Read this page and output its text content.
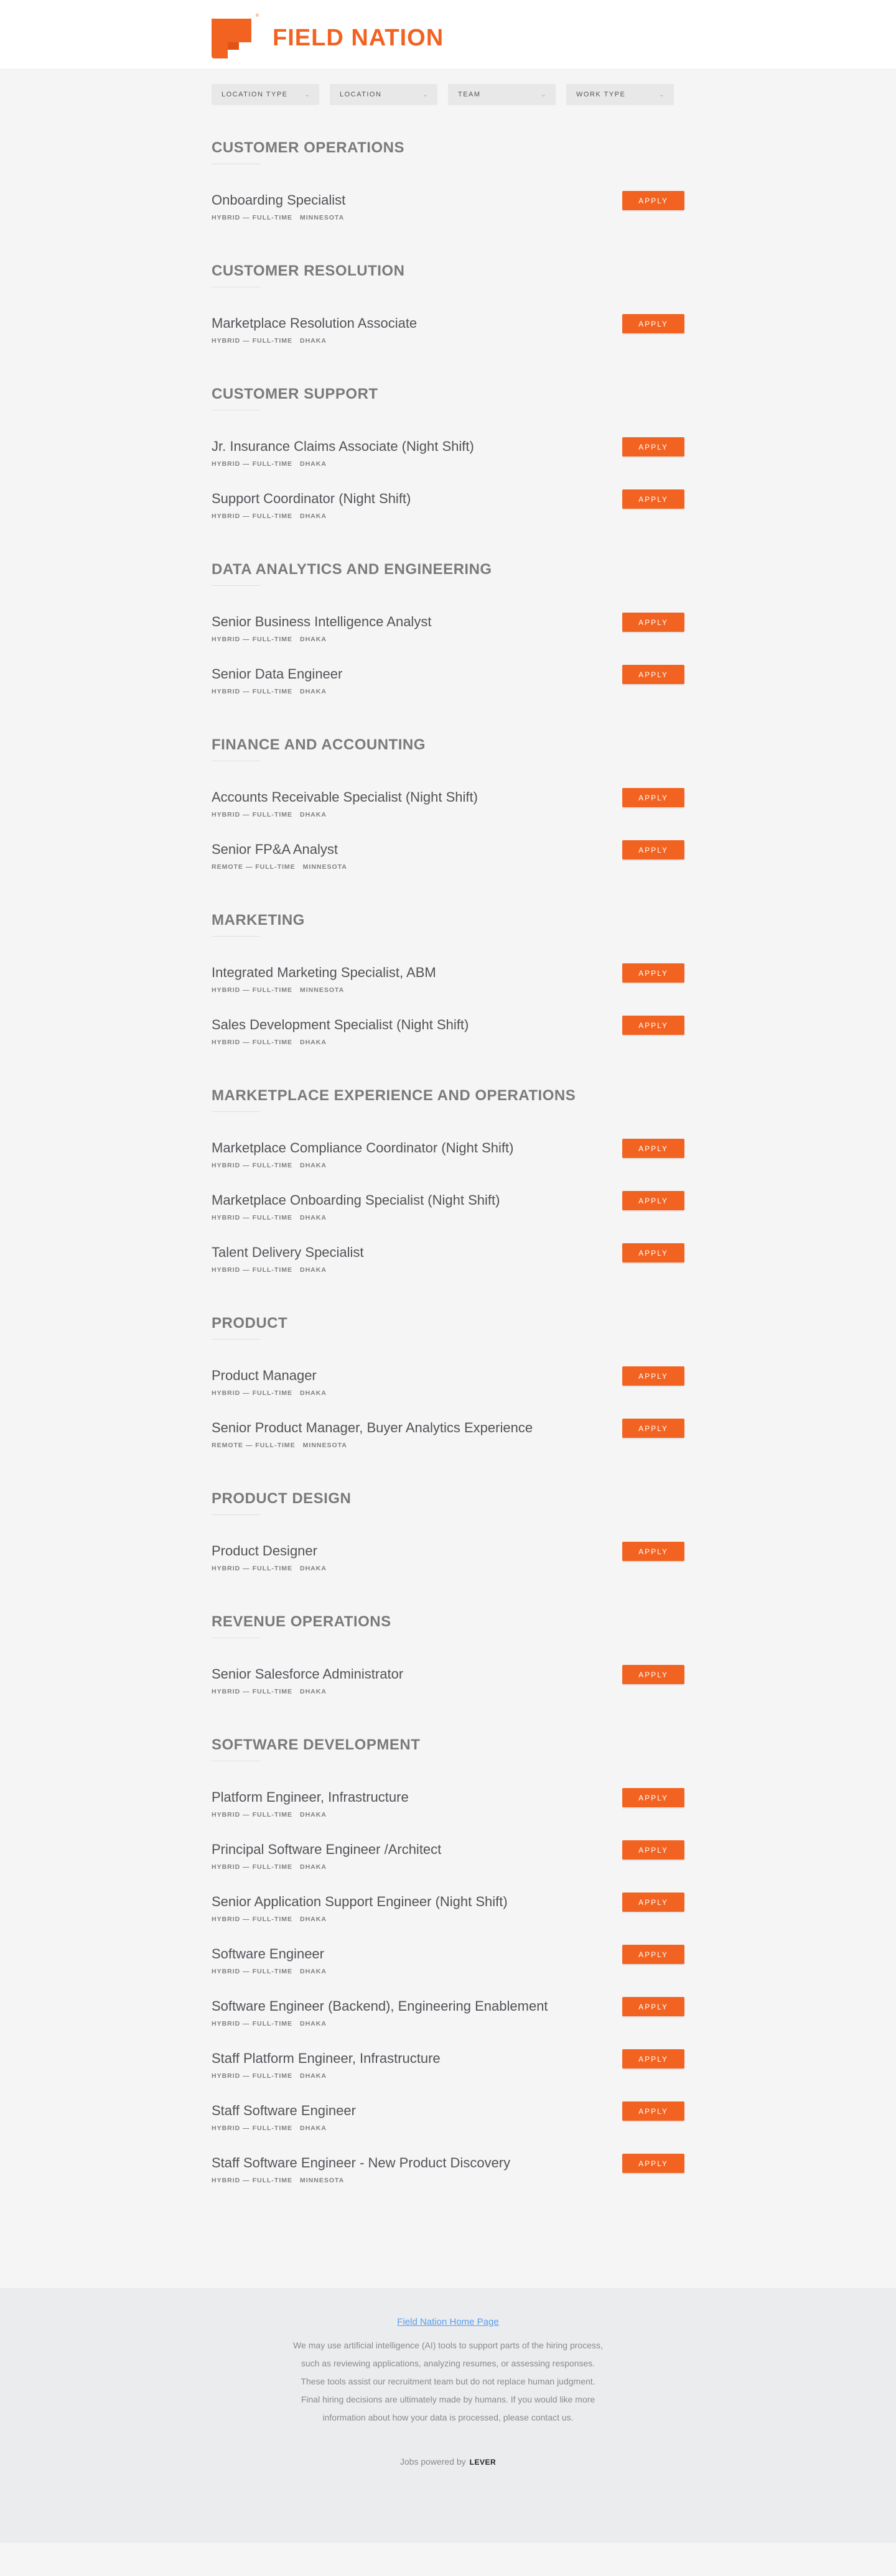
®
FIELD NATION
LOCATION TYPE	⌄	LOCATION	⌄	TEAM	⌄	WORK TYPE	⌄
CUSTOMER OPERATIONS
Onboarding Specialist
HYBRID — FULL-TIME MINNESOTA
APPLY
CUSTOMER RESOLUTION
Marketplace Resolution Associate
HYBRID — FULL-TIME DHAKA
APPLY
CUSTOMER SUPPORT
Jr. Insurance Claims Associate (Night Shift)
HYBRID — FULL-TIME DHAKA
APPLY
Support Coordinator (Night Shift)
HYBRID — FULL-TIME DHAKA
APPLY
DATA ANALYTICS AND ENGINEERING
Senior Business Intelligence Analyst
HYBRID — FULL-TIME DHAKA
APPLY
Senior Data Engineer
HYBRID — FULL-TIME DHAKA
APPLY
FINANCE AND ACCOUNTING
Accounts Receivable Specialist (Night Shift)
HYBRID — FULL-TIME DHAKA
APPLY
Senior FP&A Analyst
REMOTE — FULL-TIME MINNESOTA
APPLY
MARKETING
Integrated Marketing Specialist, ABM
HYBRID — FULL-TIME MINNESOTA
APPLY
Sales Development Specialist (Night Shift)
HYBRID — FULL-TIME DHAKA
APPLY
MARKETPLACE EXPERIENCE AND OPERATIONS
Marketplace Compliance Coordinator (Night Shift)
HYBRID — FULL-TIME DHAKA
APPLY
Marketplace Onboarding Specialist (Night Shift)
HYBRID — FULL-TIME DHAKA
APPLY
Talent Delivery Specialist
HYBRID — FULL-TIME DHAKA
APPLY
PRODUCT
Product Manager
HYBRID — FULL-TIME DHAKA
APPLY
Senior Product Manager, Buyer Analytics Experience
REMOTE — FULL-TIME MINNESOTA
APPLY
PRODUCT DESIGN
Product Designer
HYBRID — FULL-TIME DHAKA
APPLY
REVENUE OPERATIONS
Senior Salesforce Administrator
HYBRID — FULL-TIME DHAKA
APPLY
SOFTWARE DEVELOPMENT
Platform Engineer, Infrastructure
HYBRID — FULL-TIME DHAKA
APPLY
Principal Software Engineer /Architect
HYBRID — FULL-TIME DHAKA
APPLY
Senior Application Support Engineer (Night Shift)
HYBRID — FULL-TIME DHAKA
APPLY
Software Engineer
HYBRID — FULL-TIME DHAKA
APPLY
Software Engineer (Backend), Engineering Enablement
HYBRID — FULL-TIME DHAKA
APPLY
Staff Platform Engineer, Infrastructure
HYBRID — FULL-TIME DHAKA
APPLY
Staff Software Engineer
HYBRID — FULL-TIME DHAKA
APPLY
Staff Software Engineer - New Product Discovery
HYBRID — FULL-TIME MINNESOTA
APPLY
Field Nation Home Page

We may use artificial intelligence (AI) tools to support parts of the hiring process, such as reviewing applications, analyzing resumes, or assessing responses. These tools assist our recruitment team but do not replace human judgment. Final hiring decisions are ultimately made by humans. If you would like more information about how your data is processed, please contact us.

Jobs powered by LEVER
